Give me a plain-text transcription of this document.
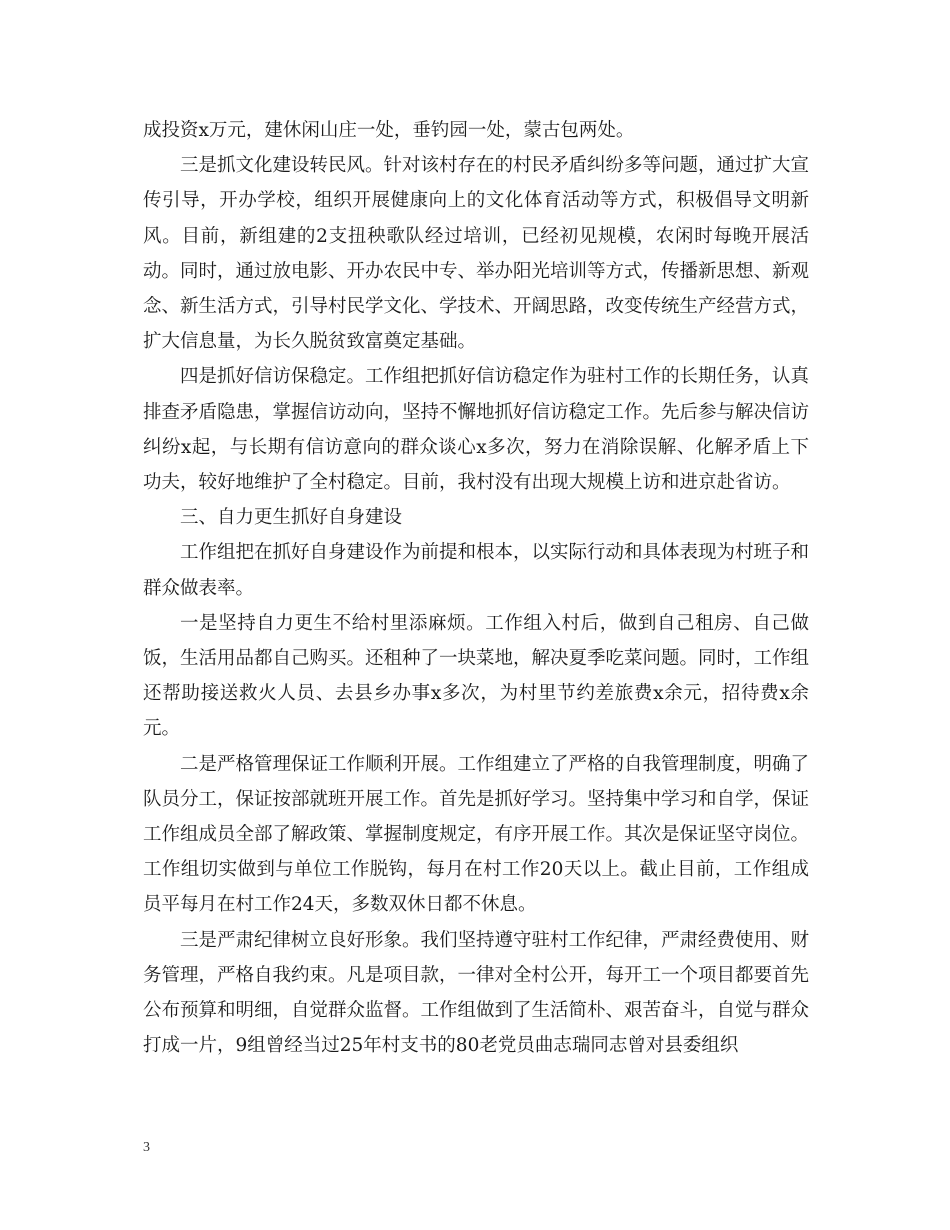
成投资x万元，建休闲山庄一处，垂钓园一处，蒙古包两处。

三是抓文化建设转民风。针对该村存在的村民矛盾纠纷多等问题，通过扩大宣传引导，开办学校，组织开展健康向上的文化体育活动等方式，积极倡导文明新风。目前，新组建的2支扭秧歌队经过培训，已经初见规模，农闲时每晚开展活动。同时，通过放电影、开办农民中专、举办阳光培训等方式，传播新思想、新观念、新生活方式，引导村民学文化、学技术、开阔思路，改变传统生产经营方式，扩大信息量，为长久脱贫致富奠定基础。

四是抓好信访保稳定。工作组把抓好信访稳定作为驻村工作的长期任务，认真排查矛盾隐患，掌握信访动向，坚持不懈地抓好信访稳定工作。先后参与解决信访纠纷x起，与长期有信访意向的群众谈心x多次，努力在消除误解、化解矛盾上下功夫，较好地维护了全村稳定。目前，我村没有出现大规模上访和进京赴省访。

三、自力更生抓好自身建设

工作组把在抓好自身建设作为前提和根本，以实际行动和具体表现为村班子和群众做表率。

一是坚持自力更生不给村里添麻烦。工作组入村后，做到自己租房、自己做饭，生活用品都自己购买。还租种了一块菜地，解决夏季吃菜问题。同时，工作组还帮助接送救火人员、去县乡办事x多次，为村里节约差旅费x余元，招待费x余元。

二是严格管理保证工作顺利开展。工作组建立了严格的自我管理制度，明确了队员分工，保证按部就班开展工作。首先是抓好学习。坚持集中学习和自学，保证工作组成员全部了解政策、掌握制度规定，有序开展工作。其次是保证坚守岗位。工作组切实做到与单位工作脱钩，每月在村工作20天以上。截止目前，工作组成员平每月在村工作24天，多数双休日都不休息。

三是严肃纪律树立良好形象。我们坚持遵守驻村工作纪律，严肃经费使用、财务管理，严格自我约束。凡是项目款，一律对全村公开，每开工一个项目都要首先公布预算和明细，自觉群众监督。工作组做到了生活简朴、艰苦奋斗，自觉与群众打成一片，9组曾经当过25年村支书的80老党员曲志瑞同志曾对县委组织

3
